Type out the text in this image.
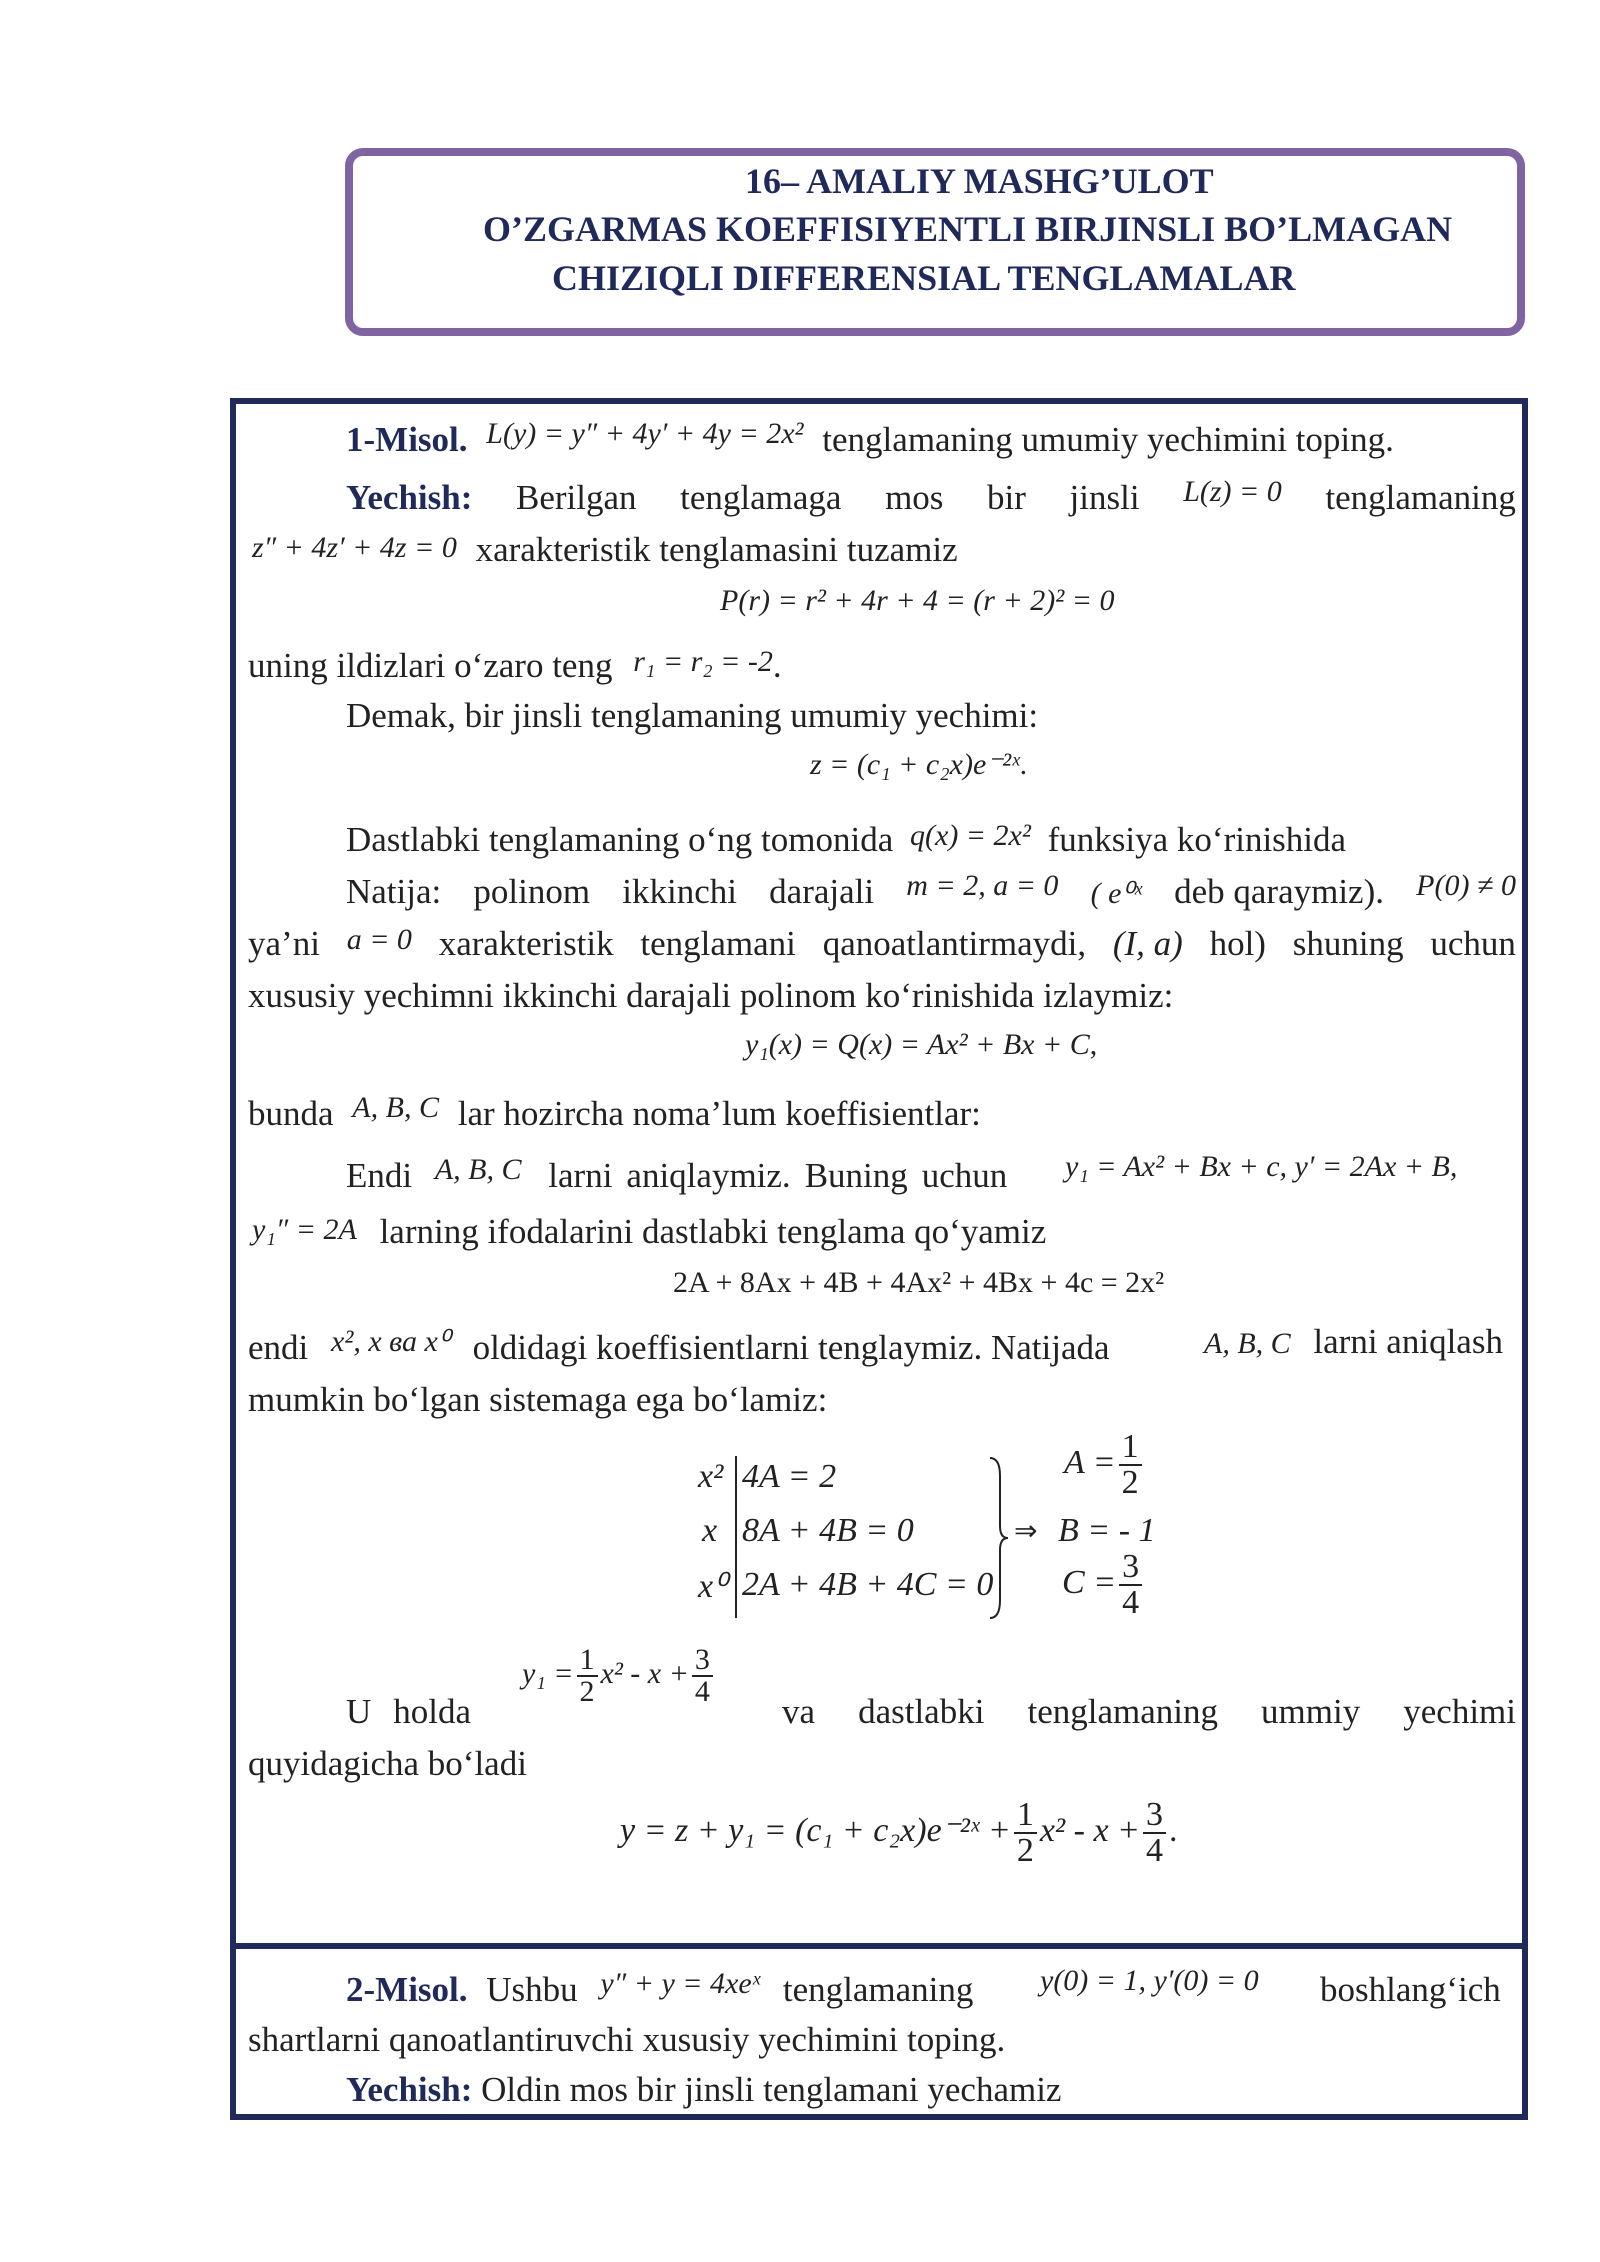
16– AMALIY MASHG’ULOT
O’ZGARMAS KOEFFISIYENTLI BIRJINSLI BO’LMAGAN
CHIZIQLI DIFFERENSIAL TENGLAMALAR
1-Misol. L(y) = y″ + 4y′ + 4y = 2x² tenglamaning umumiy yechimini toping.
Yechish: Berilgan tenglamaga mos bir jinsli L(z) = 0 tenglamaning
z″ + 4z′ + 4z = 0 xarakteristik tenglamasini tuzamiz
P(r) = r² + 4r + 4 = (r + 2)² = 0
uning ildizlari o‘zaro teng r₁ = r₂ = -2.
Demak, bir jinsli tenglamaning umumiy yechimi:
z = (c₁ + c₂x)e⁻²ˣ.
Dastlabki tenglamaning o‘ng tomonida q(x) = 2x² funksiya ko‘rinishida
Natija: polinom ikkinchi darajali m = 2, a = 0 ( e⁰ˣ deb qaraymiz). P(0) ≠ 0
ya’ni a = 0 xarakteristik tenglamani qanoatlantirmaydi, (I, a) hol) shuning uchun
xususiy yechimni ikkinchi darajali polinom ko‘rinishida izlaymiz:
y₁(x) = Q(x) = Ax² + Bx + C,
bunda A, B, C lar hozircha noma’lum koeffisientlar:
Endi A, B, C larni aniqlaymiz. Buning uchun y₁ = Ax² + Bx + c, y′ = 2Ax + B,
y₁″ = 2A larning ifodalarini dastlabki tenglama qo‘yamiz
2A + 8Ax + 4B + 4Ax² + 4Bx + 4c = 2x²
endi x², x ва x⁰ oldidagi koeffisientlarni tenglaymiz. Natijada	A, B, C larni aniqlash
mumkin bo‘lgan sistemaga ega bo‘lamiz:
x² 4A = 2
x 8A + 4B = 0
x⁰ 2A + 4B + 4C = 0
⇒
$A = \frac{1}{2}$
B = - 1
$C = \frac{3}{4}$
$y_1 = \frac{1}{2} x^2 - x + \frac{3}{4}$
U holda	va dastlabki tenglamaning ummiy yechimi
quyidagicha bo‘ladi
y = z + y₁ = (c₁ + c₂x)e⁻²ˣ + $\frac{1}{2} x^2 - x + \frac{3}{4}$ .
2-Misol. Ushbu y″ + y = 4xeˣ tenglamaning y(0) = 1, y′(0) = 0 boshlang‘ich
shartlarni qanoatlantiruvchi xususiy yechimini toping.
Yechish: Oldin mos bir jinsli tenglamani yechamiz
